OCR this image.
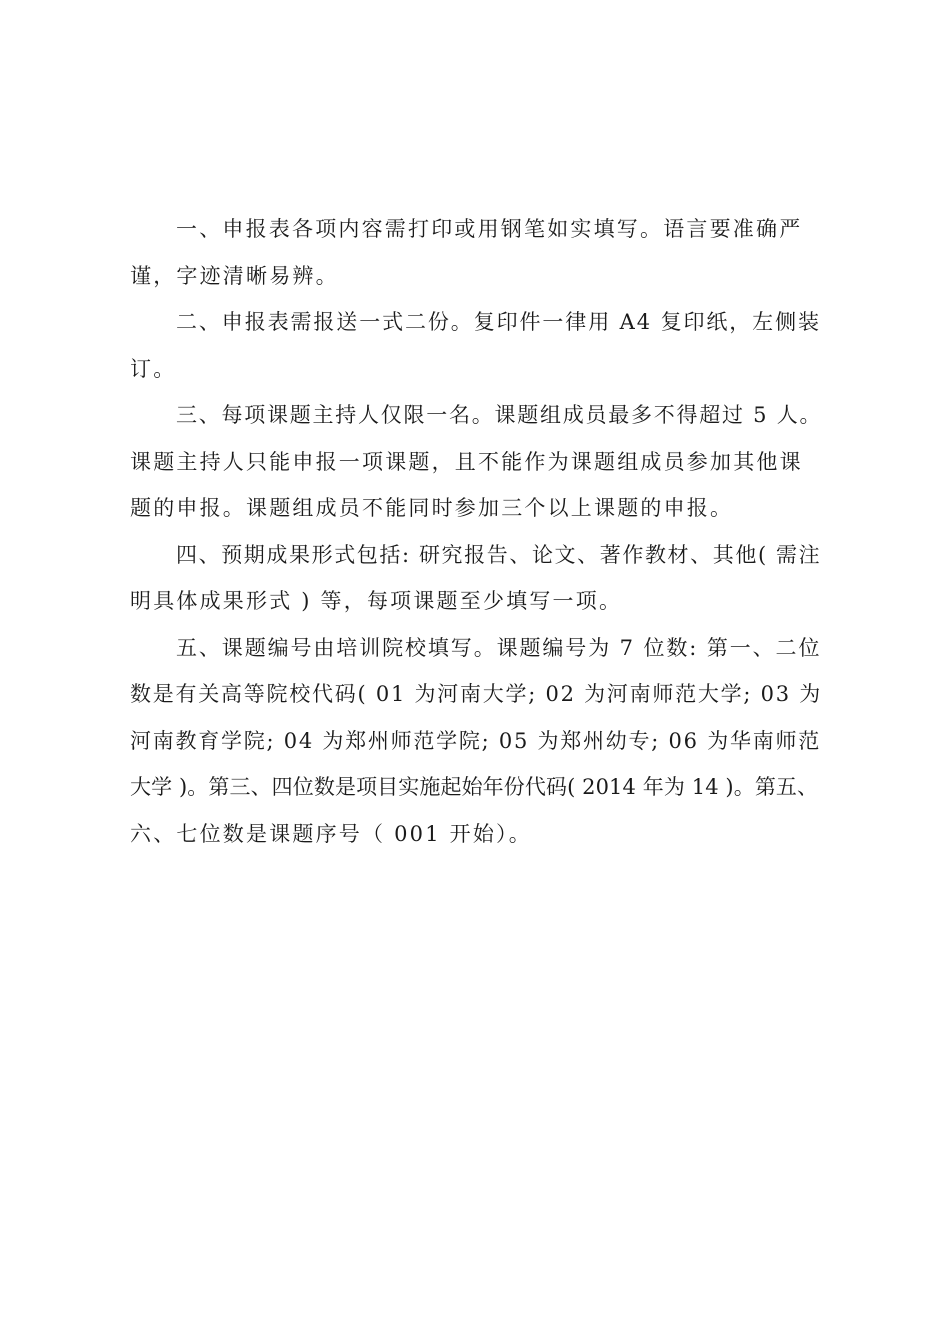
一、申报表各项内容需打印或用钢笔如实填写。语言要准确严
谨，字迹清晰易辨。
二、申报表需报送一式二份。复印件一律用 A4 复印纸，左侧装
订。
三、每项课题主持人仅限一名。课题组成员最多不得超过 5 人。
课题主持人只能申报一项课题，且不能作为课题组成员参加其他课
题的申报。课题组成员不能同时参加三个以上课题的申报。
四、预期成果形式包括: 研究报告、论文、著作教材、其他( 需注
明具体成果形式 ) 等，每项课题至少填写一项。
五、课题编号由培训院校填写。课题编号为 7 位数: 第一、二位
数是有关高等院校代码( 01 为河南大学; 02 为河南师范大学; 03 为
河南教育学院; 04 为郑州师范学院; 05 为郑州幼专; 06 为华南师范
大学 )。第三、四位数是项目实施起始年份代码( 2014 年为 14 )。第五、
六、七位数是课题序号（ 001 开始）。
